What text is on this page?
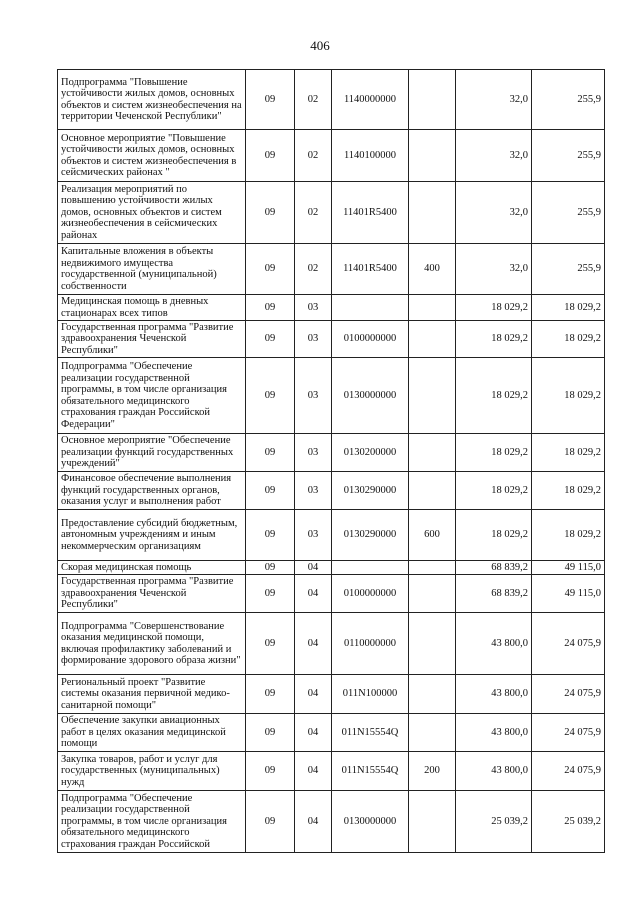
406
Подпрограмма "Повышение устойчивости жилых домов, основных объектов и систем жизнеобеспечения на территории Чеченской Республики"	09	02	1140000000		32,0	255,9
Основное мероприятие "Повышение устойчивости жилых домов, основных объектов и систем жизнеобеспечения в сейсмических районах "	09	02	1140100000		32,0	255,9
Реализация мероприятий по повышению устойчивости жилых домов, основных объектов и систем жизнеобеспечения в сейсмических районах	09	02	11401R5400		32,0	255,9
Капитальные вложения в объекты недвижимого имущества государственной (муниципальной) собственности	09	02	11401R5400	400	32,0	255,9
Медицинская помощь в дневных стационарах всех типов	09	03			18 029,2	18 029,2
Государственная программа "Развитие здравоохранения Чеченской Республики"	09	03	0100000000		18 029,2	18 029,2
Подпрограмма "Обеспечение реализации государственной программы, в том числе организация обязательного медицинского страхования граждан Российской Федерации"	09	03	0130000000		18 029,2	18 029,2
Основное мероприятие "Обеспечение реализации функций государственных учреждений"	09	03	0130200000		18 029,2	18 029,2
Финансовое обеспечение выполнения функций государственных органов, оказания услуг и выполнения работ	09	03	0130290000		18 029,2	18 029,2
Предоставление субсидий бюджетным, автономным учреждениям и иным некоммерческим организациям	09	03	0130290000	600	18 029,2	18 029,2
Скорая медицинская помощь	09	04			68 839,2	49 115,0
Государственная программа "Развитие здравоохранения Чеченской Республики"	09	04	0100000000		68 839,2	49 115,0
Подпрограмма "Совершенствование оказания медицинской помощи, включая профилактику заболеваний и формирование здорового образа жизни"	09	04	0110000000		43 800,0	24 075,9
Региональный проект "Развитие системы оказания первичной медико-санитарной помощи"	09	04	011N100000		43 800,0	24 075,9
Обеспечение закупки авиационных работ в целях оказания медицинской помощи	09	04	011N15554Q		43 800,0	24 075,9
Закупка товаров, работ и услуг для государственных (муниципальных) нужд	09	04	011N15554Q	200	43 800,0	24 075,9
Подпрограмма "Обеспечение реализации государственной программы, в том числе организация обязательного медицинского страхования граждан Российской	09	04	0130000000		25 039,2	25 039,2
